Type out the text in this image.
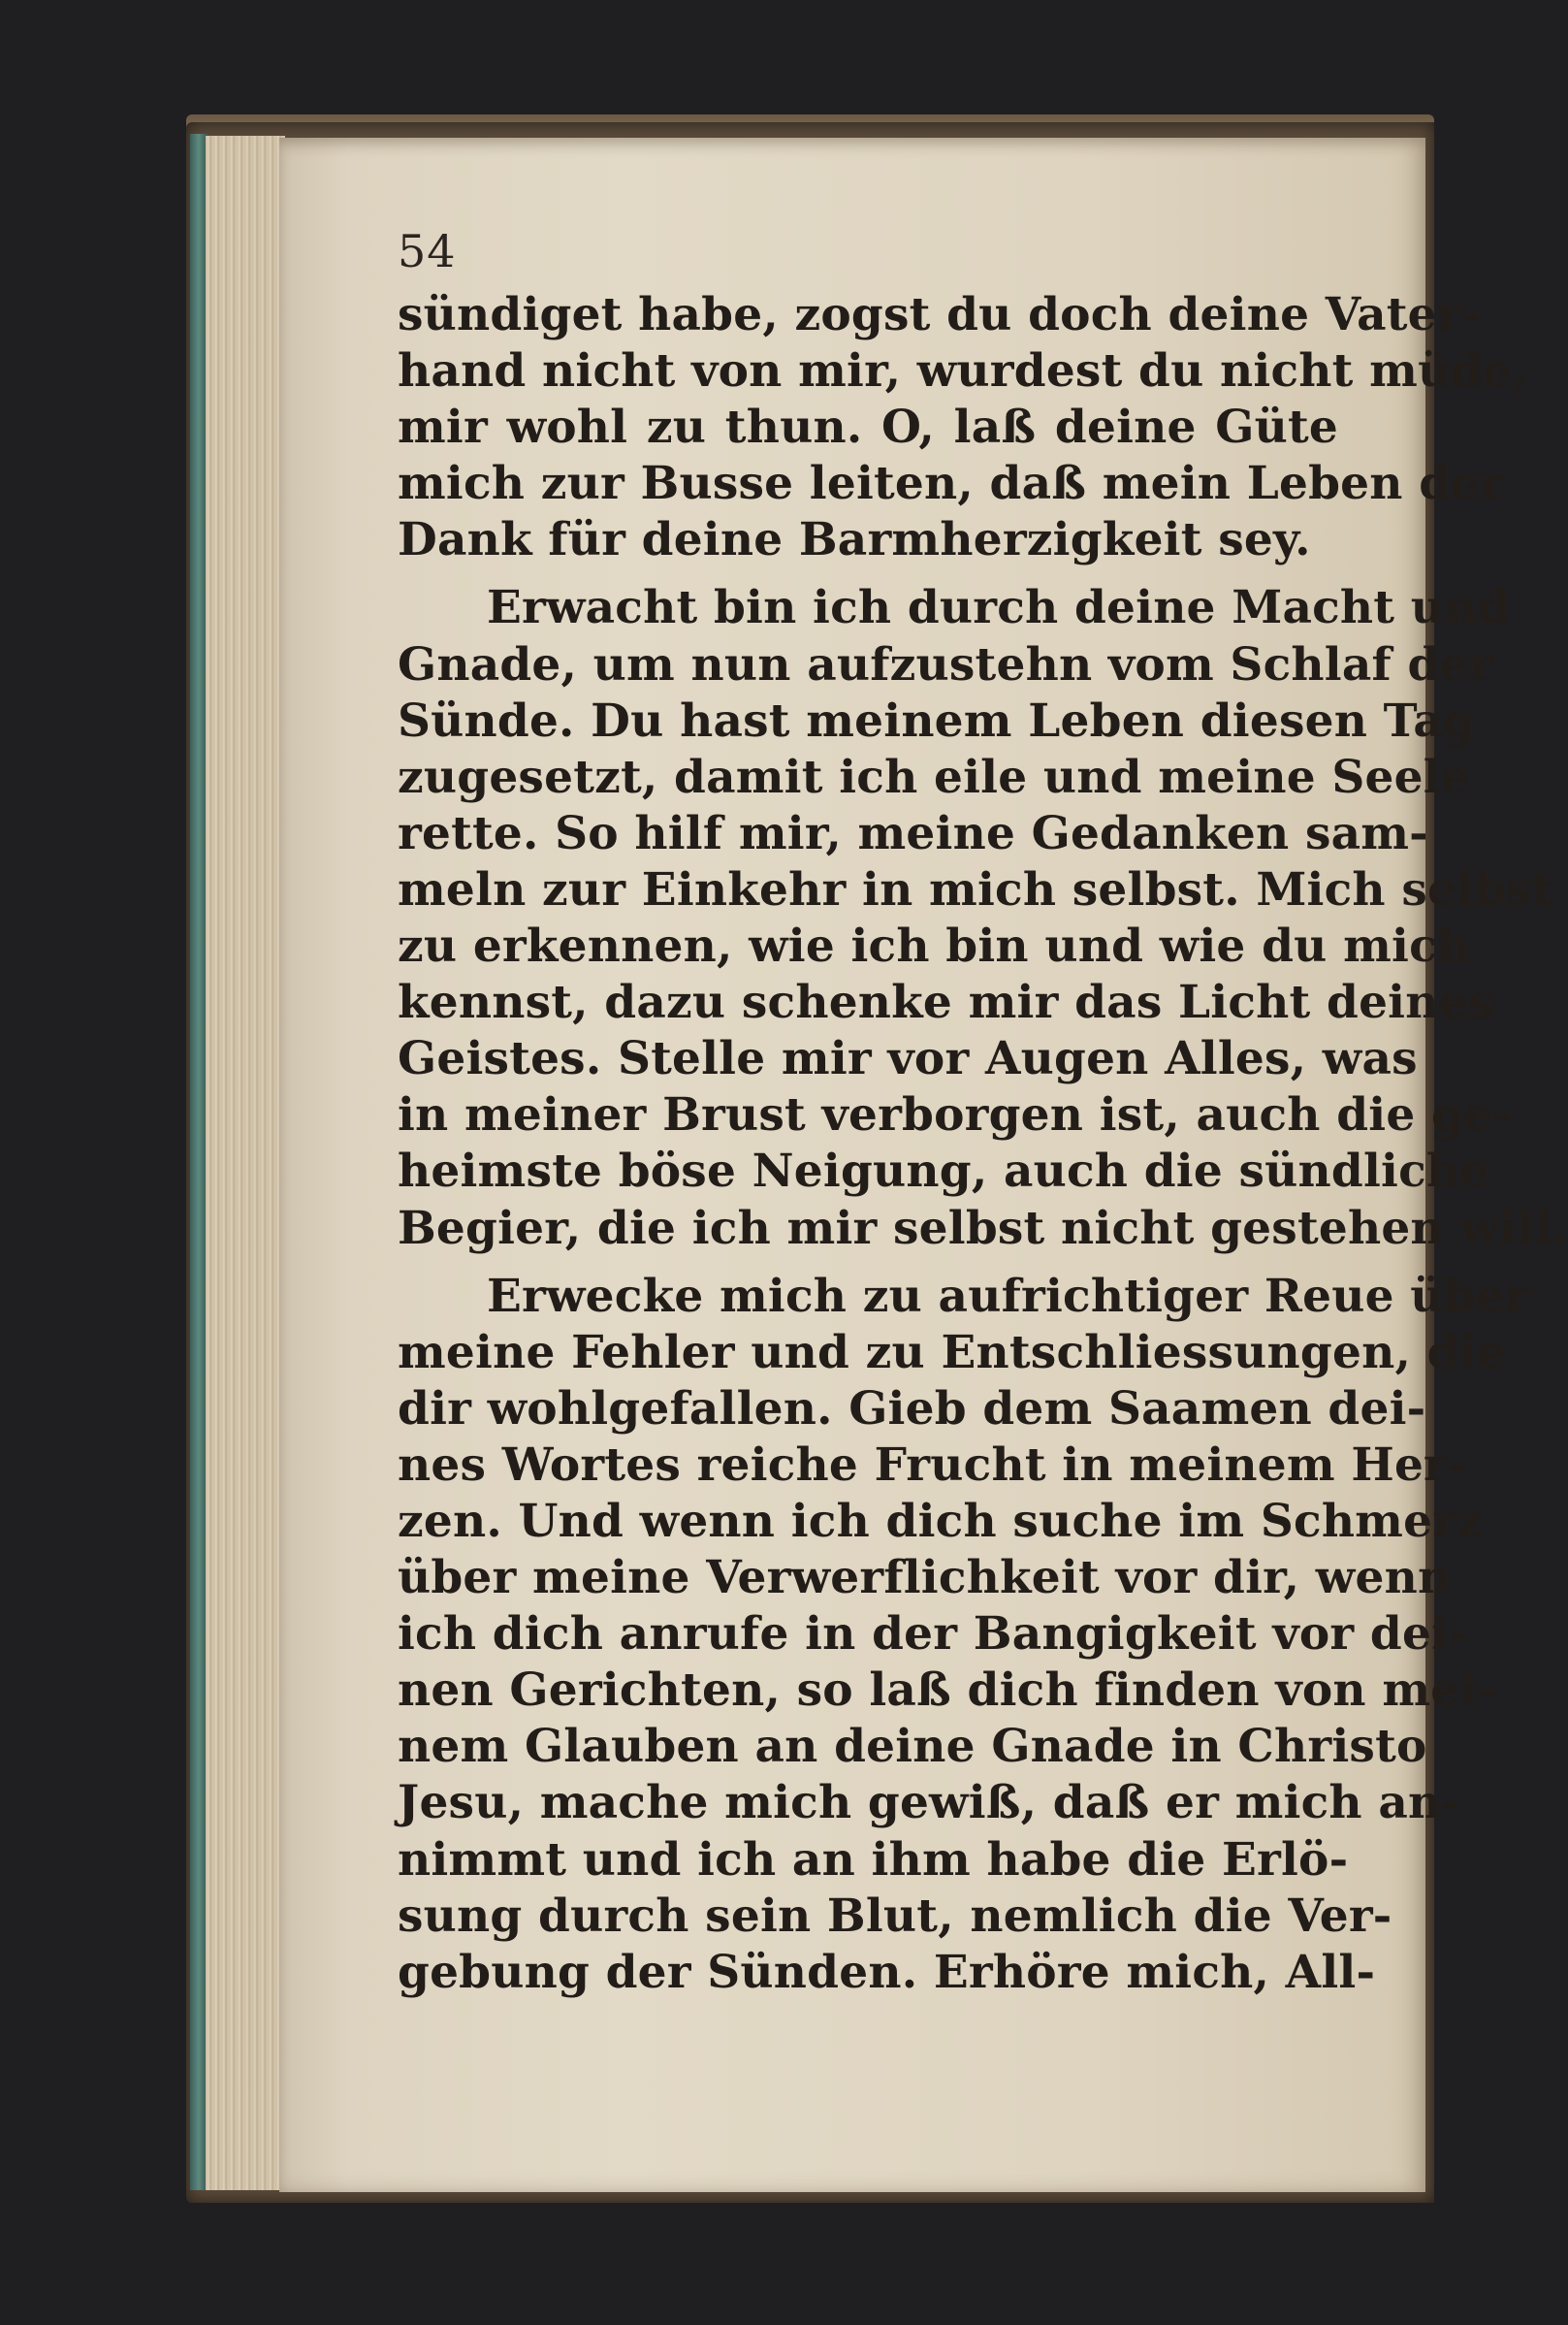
54
sündiget habe, zogst du doch deine Vater-
hand nicht von mir, wurdest du nicht müde,
mir wohl zu thun. O, laß deine Güte
mich zur Busse leiten, daß mein Leben der
Dank für deine Barmherzigkeit sey.
Erwacht bin ich durch deine Macht und
Gnade, um nun aufzustehn vom Schlaf der
Sünde. Du hast meinem Leben diesen Tag
zugesetzt, damit ich eile und meine Seele
rette. So hilf mir, meine Gedanken sam-
meln zur Einkehr in mich selbst. Mich selbst
zu erkennen, wie ich bin und wie du mich
kennst, dazu schenke mir das Licht deines
Geistes. Stelle mir vor Augen Alles, was
in meiner Brust verborgen ist, auch die ge-
heimste böse Neigung, auch die sündliche
Begier, die ich mir selbst nicht gestehen will.
Erwecke mich zu aufrichtiger Reue über
meine Fehler und zu Entschliessungen, die
dir wohlgefallen. Gieb dem Saamen dei-
nes Wortes reiche Frucht in meinem Her-
zen. Und wenn ich dich suche im Schmerz
über meine Verwerflichkeit vor dir, wenn
ich dich anrufe in der Bangigkeit vor dei-
nen Gerichten, so laß dich finden von mei-
nem Glauben an deine Gnade in Christo
Jesu, mache mich gewiß, daß er mich an-
nimmt und ich an ihm habe die Erlö-
sung durch sein Blut, nemlich die Ver-
gebung der Sünden. Erhöre mich, All-
